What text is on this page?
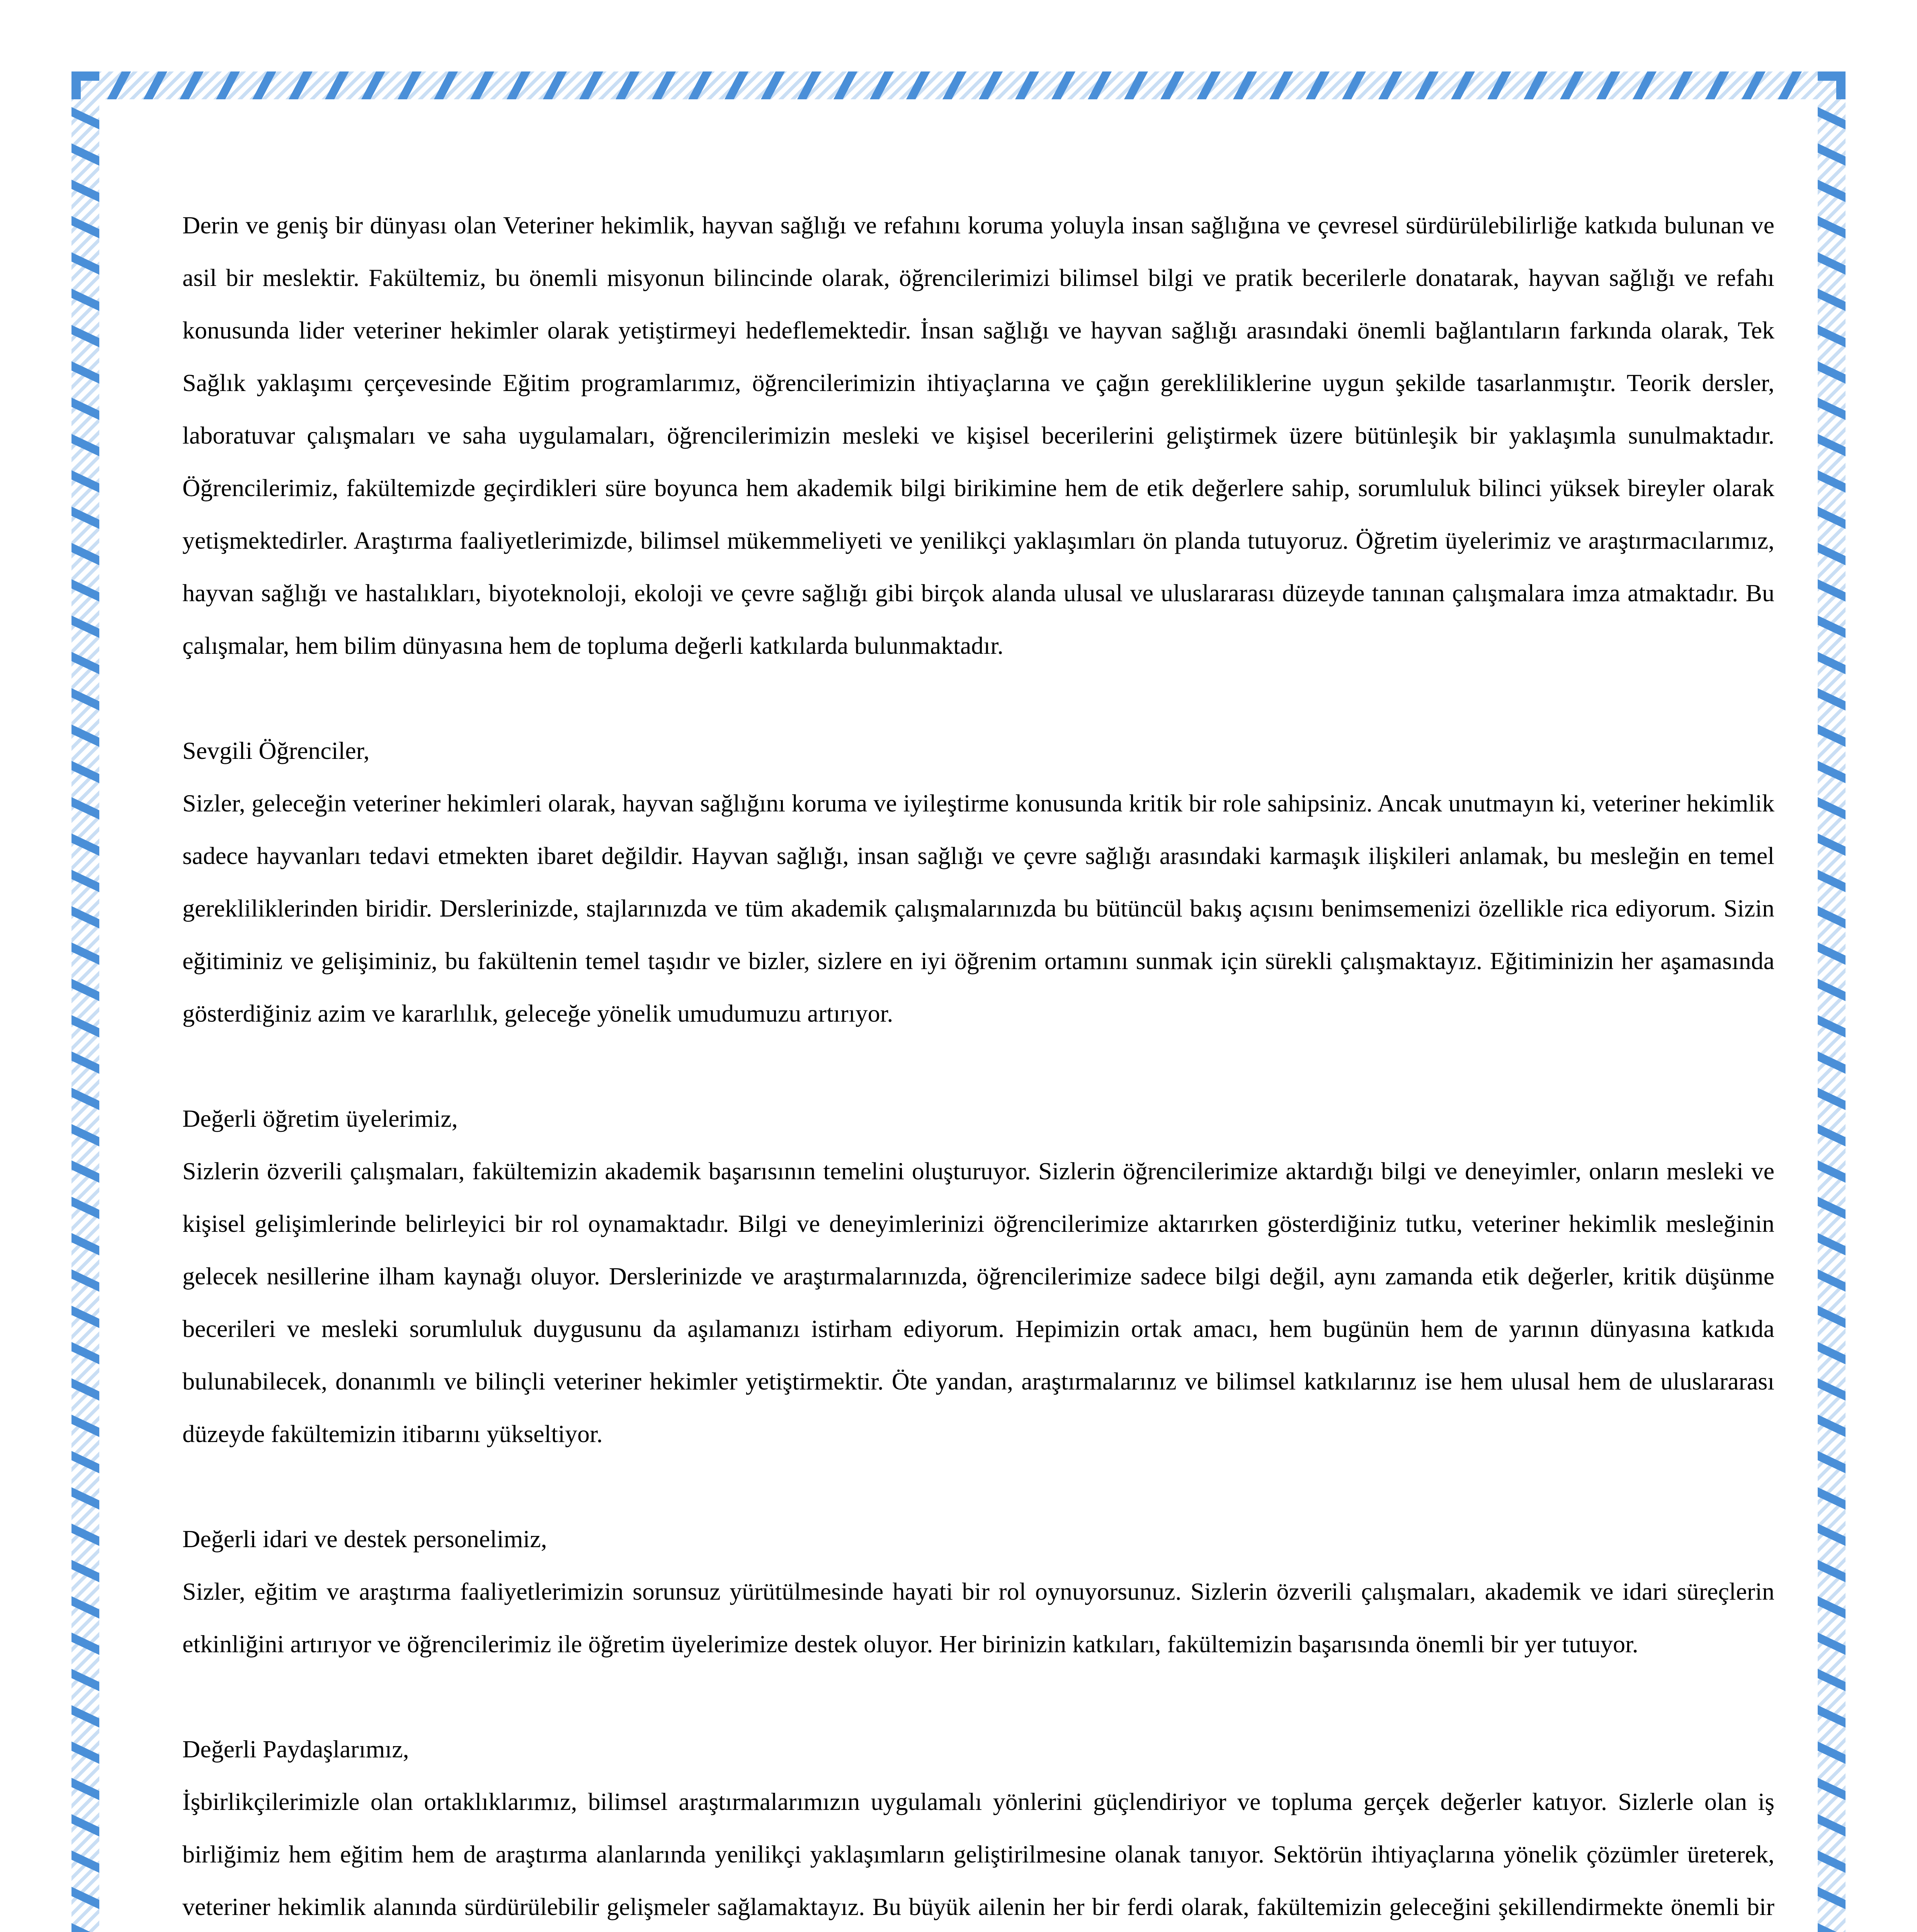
Derin ve geniş bir dünyası olan Veteriner hekimlik, hayvan sağlığı ve refahını koruma yoluyla insan sağlığına ve çevresel sürdürülebilirliğe katkıda bulunan ve asil bir meslektir. Fakültemiz, bu önemli misyonun bilincinde olarak, öğrencilerimizi bilimsel bilgi ve pratik becerilerle donatarak, hayvan sağlığı ve refahı konusunda lider veteriner hekimler olarak yetiştirmeyi hedeflemektedir. İnsan sağlığı ve hayvan sağlığı arasındaki önemli bağlantıların farkında olarak, Tek Sağlık yaklaşımı çerçevesinde Eğitim programlarımız, öğrencilerimizin ihtiyaçlarına ve çağın gerekliliklerine uygun şekilde tasarlanmıştır. Teorik dersler, laboratuvar çalışmaları ve saha uygulamaları, öğrencilerimizin mesleki ve kişisel becerilerini geliştirmek üzere bütünleşik bir yaklaşımla sunulmaktadır. Öğrencilerimiz, fakültemizde geçirdikleri süre boyunca hem akademik bilgi birikimine hem de etik değerlere sahip, sorumluluk bilinci yüksek bireyler olarak yetişmektedirler. Araştırma faaliyetlerimizde, bilimsel mükemmeliyeti ve yenilikçi yaklaşımları ön planda tutuyoruz. Öğretim üyelerimiz ve araştırmacılarımız, hayvan sağlığı ve hastalıkları, biyoteknoloji, ekoloji ve çevre sağlığı gibi birçok alanda ulusal ve uluslararası düzeyde tanınan çalışmalara imza atmaktadır. Bu çalışmalar, hem bilim dünyasına hem de topluma değerli katkılarda bulunmaktadır.

Sevgili Öğrenciler,

Sizler, geleceğin veteriner hekimleri olarak, hayvan sağlığını koruma ve iyileştirme konusunda kritik bir role sahipsiniz. Ancak unutmayın ki, veteriner hekimlik sadece hayvanları tedavi etmekten ibaret değildir. Hayvan sağlığı, insan sağlığı ve çevre sağlığı arasındaki karmaşık ilişkileri anlamak, bu mesleğin en temel gerekliliklerinden biridir. Derslerinizde, stajlarınızda ve tüm akademik çalışmalarınızda bu bütüncül bakış açısını benimsemenizi özellikle rica ediyorum. Sizin eğitiminiz ve gelişiminiz, bu fakültenin temel taşıdır ve bizler, sizlere en iyi öğrenim ortamını sunmak için sürekli çalışmaktayız. Eğitiminizin her aşamasında gösterdiğiniz azim ve kararlılık, geleceğe yönelik umudumuzu artırıyor.

Değerli öğretim üyelerimiz,

Sizlerin özverili çalışmaları, fakültemizin akademik başarısının temelini oluşturuyor. Sizlerin öğrencilerimize aktardığı bilgi ve deneyimler, onların mesleki ve kişisel gelişimlerinde belirleyici bir rol oynamaktadır. Bilgi ve deneyimlerinizi öğrencilerimize aktarırken gösterdiğiniz tutku, veteriner hekimlik mesleğinin gelecek nesillerine ilham kaynağı oluyor. Derslerinizde ve araştırmalarınızda, öğrencilerimize sadece bilgi değil, aynı zamanda etik değerler, kritik düşünme becerileri ve mesleki sorumluluk duygusunu da aşılamanızı istirham ediyorum. Hepimizin ortak amacı, hem bugünün hem de yarının dünyasına katkıda bulunabilecek, donanımlı ve bilinçli veteriner hekimler yetiştirmektir. Öte yandan, araştırmalarınız ve bilimsel katkılarınız ise hem ulusal hem de uluslararası düzeyde fakültemizin itibarını yükseltiyor.

Değerli idari ve destek personelimiz,

Sizler, eğitim ve araştırma faaliyetlerimizin sorunsuz yürütülmesinde hayati bir rol oynuyorsunuz. Sizlerin özverili çalışmaları, akademik ve idari süreçlerin etkinliğini artırıyor ve öğrencilerimiz ile öğretim üyelerimize destek oluyor. Her birinizin katkıları, fakültemizin başarısında önemli bir yer tutuyor.

Değerli Paydaşlarımız,

İşbirlikçilerimizle olan ortaklıklarımız, bilimsel araştırmalarımızın uygulamalı yönlerini güçlendiriyor ve topluma gerçek değerler katıyor. Sizlerle olan iş birliğimiz hem eğitim hem de araştırma alanlarında yenilikçi yaklaşımların geliştirilmesine olanak tanıyor. Sektörün ihtiyaçlarına yönelik çözümler üreterek, veteriner hekimlik alanında sürdürülebilir gelişmeler sağlamaktayız. Bu büyük ailenin her bir ferdi olarak, fakültemizin geleceğini şekillendirmekte önemli bir
